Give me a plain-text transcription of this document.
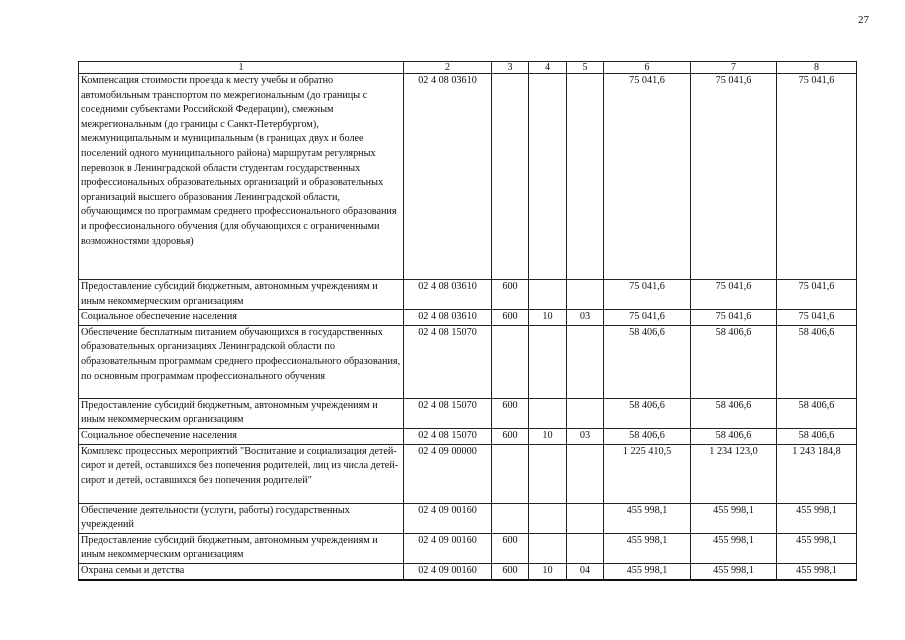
27
1	2	3	4	5	6	7	8
Компенсация стоимости проезда к месту учебы и обратно автомобильным транспортом по межрегиональным (до границы с соседними субъектами Российской Федерации), смежным межрегиональным (до границы с Санкт-Петербургом), межмуниципальным и муниципальным (в границах двух и более поселений одного муниципального района) маршрутам регулярных перевозок в Ленинградской области студентам государственных профессиональных образовательных организаций и образовательных организаций высшего образования Ленинградской области, обучающимся по программам среднего профессионального образования и профессионального обучения (для обучающихся с ограниченными возможностями здоровья)	02 4 08 03610				75 041,6	75 041,6	75 041,6
Предоставление субсидий бюджетным, автономным учреждениям и иным некоммерческим организациям	02 4 08 03610	600			75 041,6	75 041,6	75 041,6
Социальное обеспечение населения	02 4 08 03610	600	10	03	75 041,6	75 041,6	75 041,6
Обеспечение бесплатным питанием обучающихся в государственных образовательных организациях Ленинградской области по образовательным программам среднего профессионального образования, по основным программам профессионального обучения	02 4 08 15070				58 406,6	58 406,6	58 406,6
Предоставление субсидий бюджетным, автономным учреждениям и иным некоммерческим организациям	02 4 08 15070	600			58 406,6	58 406,6	58 406,6
Социальное обеспечение населения	02 4 08 15070	600	10	03	58 406,6	58 406,6	58 406,6
Комплекс процессных мероприятий "Воспитание и социализация детей-сирот и детей, оставшихся без попечения родителей, лиц из числа детей-сирот и детей, оставшихся без попечения родителей"	02 4 09 00000				1 225 410,5	1 234 123,0	1 243 184,8
Обеспечение деятельности (услуги, работы) государственных учреждений	02 4 09 00160				455 998,1	455 998,1	455 998,1
Предоставление субсидий бюджетным, автономным учреждениям и иным некоммерческим организациям	02 4 09 00160	600			455 998,1	455 998,1	455 998,1
Охрана семьи и детства	02 4 09 00160	600	10	04	455 998,1	455 998,1	455 998,1
